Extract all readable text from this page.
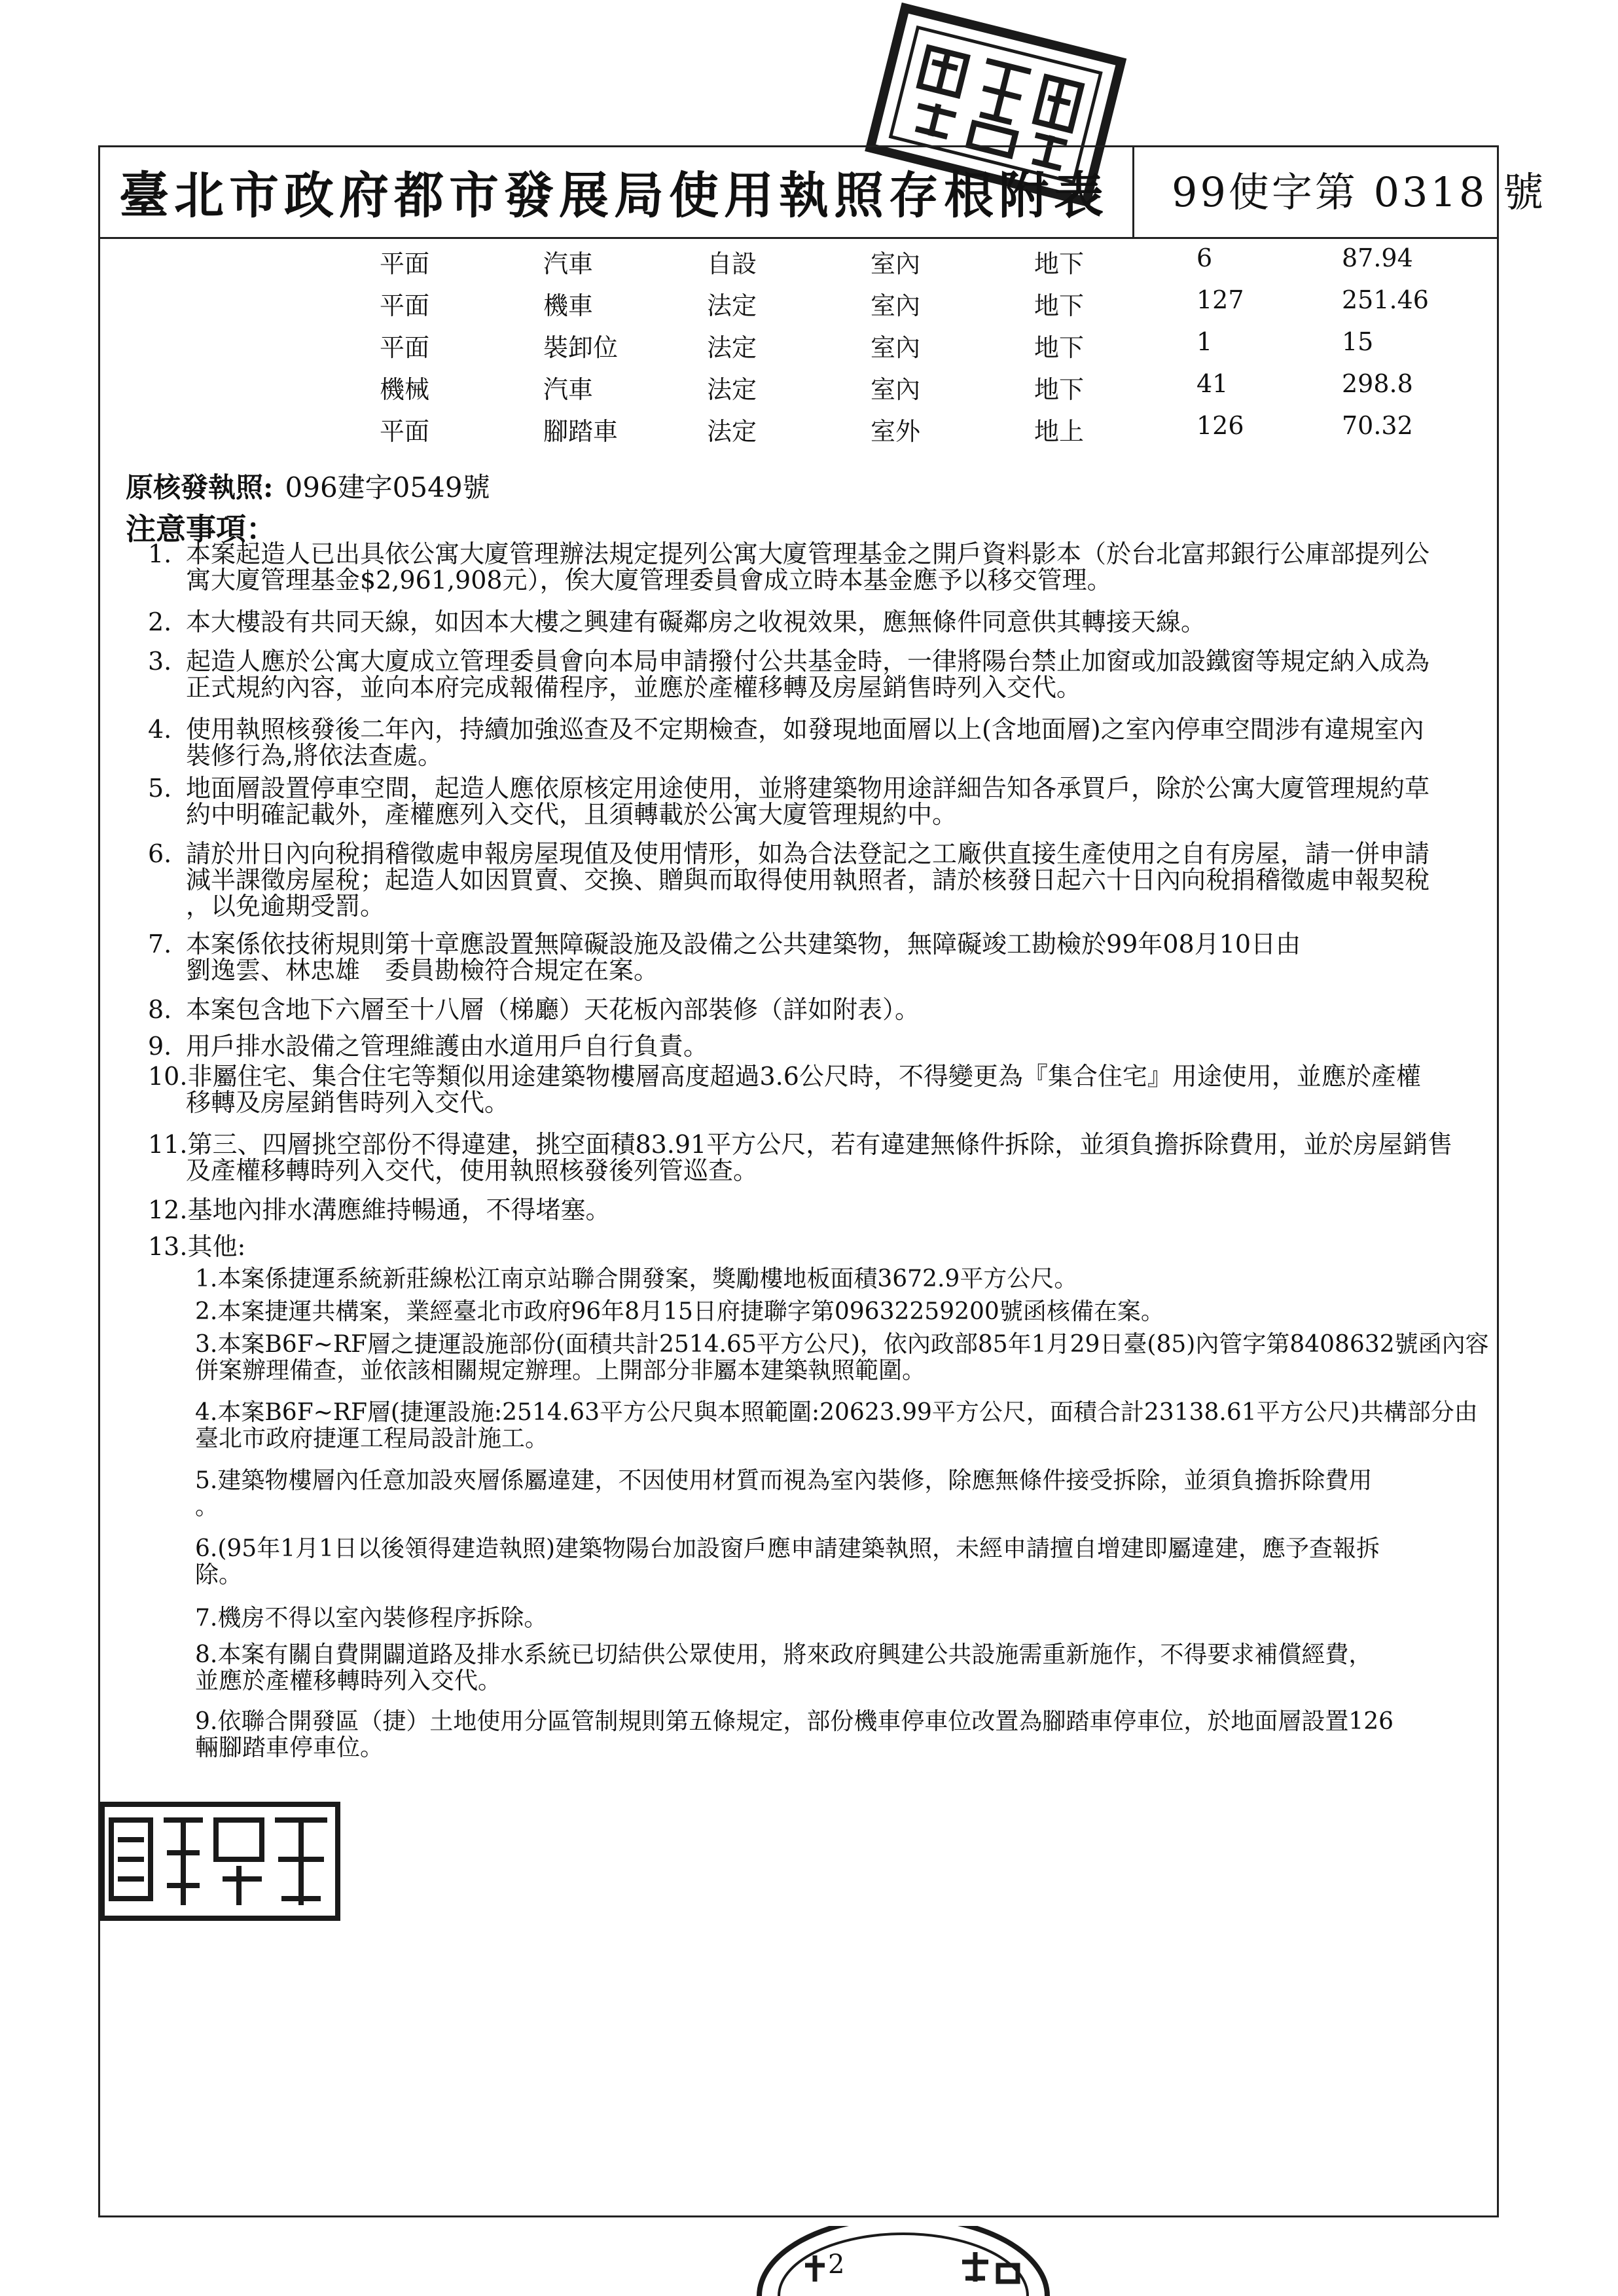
臺北市政府都市發展局使用執照存根附表 99使字第 0318 號
平面	汽車	自設	室內	地下	6	87.94
平面	機車	法定	室內	地下	127	251.46
平面	裝卸位	法定	室內	地下	1	15
機械	汽車	法定	室內	地下	41	298.8
平面	腳踏車	法定	室外	地上	126	70.32
原核發執照: 096建字0549號
注意事項：
1. 本案起造人已出具依公寓大廈管理辦法規定提列公寓大廈管理基金之開戶資料影本（於台北富邦銀行公庫部提列公
寓大廈管理基金$2,961,908元），俟大廈管理委員會成立時本基金應予以移交管理。
2. 本大樓設有共同天線，如因本大樓之興建有礙鄰房之收視效果，應無條件同意供其轉接天線。
3. 起造人應於公寓大廈成立管理委員會向本局申請撥付公共基金時，一律將陽台禁止加窗或加設鐵窗等規定納入成為
正式規約內容，並向本府完成報備程序，並應於產權移轉及房屋銷售時列入交代。
4. 使用執照核發後二年內，持續加強巡查及不定期檢查，如發現地面層以上(含地面層)之室內停車空間涉有違規室內
裝修行為,將依法查處。
5. 地面層設置停車空間，起造人應依原核定用途使用，並將建築物用途詳細告知各承買戶，除於公寓大廈管理規約草
約中明確記載外，產權應列入交代，且須轉載於公寓大廈管理規約中。
6. 請於卅日內向稅捐稽徵處申報房屋現值及使用情形，如為合法登記之工廠供直接生產使用之自有房屋，請一併申請
減半課徵房屋稅；起造人如因買賣、交換、贈與而取得使用執照者，請於核發日起六十日內向稅捐稽徵處申報契稅
，以免逾期受罰。
7. 本案係依技術規則第十章應設置無障礙設施及設備之公共建築物，無障礙竣工勘檢於99年08月10日由
劉逸雲、林忠雄　委員勘檢符合規定在案。
8. 本案包含地下六層至十八層（梯廳）天花板內部裝修（詳如附表）。
9. 用戶排水設備之管理維護由水道用戶自行負責。
10.非屬住宅、集合住宅等類似用途建築物樓層高度超過3.6公尺時，不得變更為『集合住宅』用途使用，並應於產權
移轉及房屋銷售時列入交代。
11.第三、四層挑空部份不得違建，挑空面積83.91平方公尺，若有違建無條件拆除，並須負擔拆除費用，並於房屋銷售
及產權移轉時列入交代，使用執照核發後列管巡查。
12.基地內排水溝應維持暢通，不得堵塞。
13.其他:
1.本案係捷運系統新莊線松江南京站聯合開發案，獎勵樓地板面積3672.9平方公尺。
2.本案捷運共構案，業經臺北市政府96年8月15日府捷聯字第09632259200號函核備在案。
3.本案B6F~RF層之捷運設施部份(面積共計2514.65平方公尺)，依內政部85年1月29日臺(85)內管字第8408632號函內容
併案辦理備查，並依該相關規定辦理。上開部分非屬本建築執照範圍。
4.本案B6F~RF層(捷運設施:2514.63平方公尺與本照範圍:20623.99平方公尺，面積合計23138.61平方公尺)共構部分由
臺北市政府捷運工程局設計施工。
5.建築物樓層內任意加設夾層係屬違建，不因使用材質而視為室內裝修，除應無條件接受拆除，並須負擔拆除費用
。
6.(95年1月1日以後領得建造執照)建築物陽台加設窗戶應申請建築執照，未經申請擅自增建即屬違建，應予查報拆
除。
7.機房不得以室內裝修程序拆除。
8.本案有關自費開闢道路及排水系統已切結供公眾使用，將來政府興建公共設施需重新施作，不得要求補償經費，
並應於產權移轉時列入交代。
9.依聯合開發區（捷）土地使用分區管制規則第五條規定，部份機車停車位改置為腳踏車停車位，於地面層設置126
輛腳踏車停車位。
2
